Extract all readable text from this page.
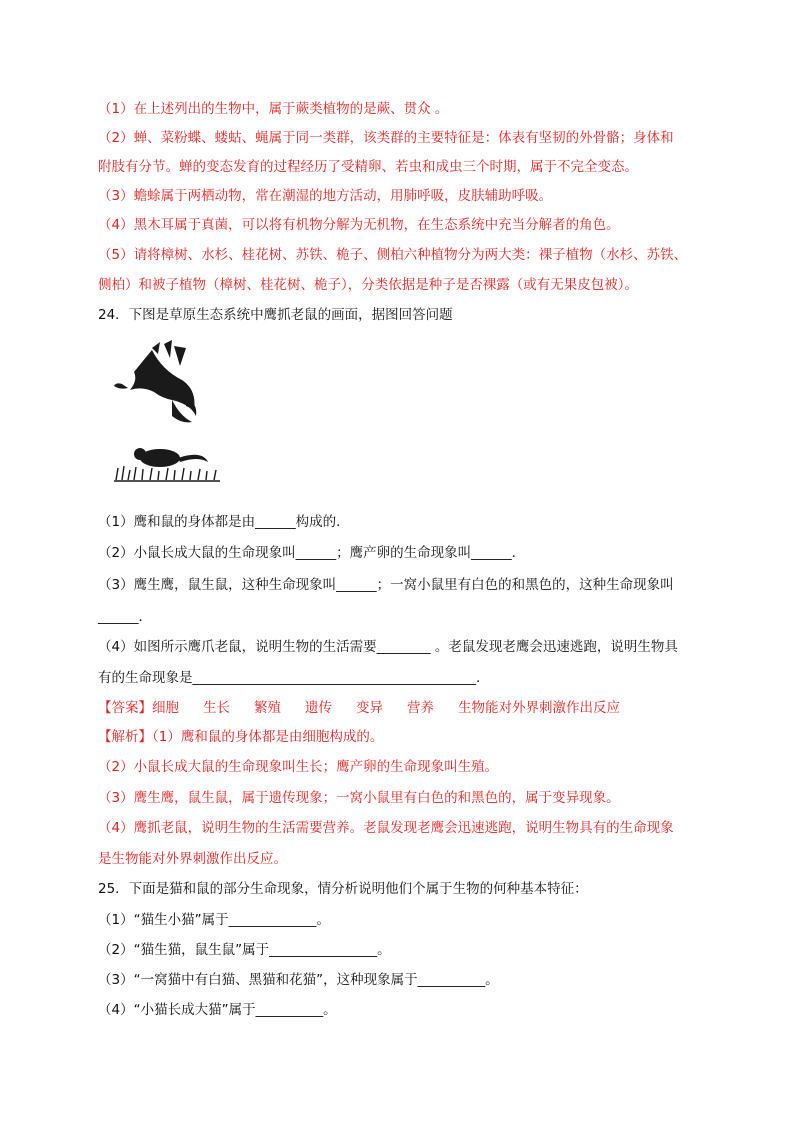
（1）在上述列出的生物中，属于蕨类植物的是蕨、贯众 。
（2）蝉、菜粉蝶、蝼蛄、蝇属于同一类群，该类群的主要特征是：体表有坚韧的外骨骼；身体和
附肢有分节。蝉的变态发育的过程经历了受精卵、若虫和成虫三个时期，属于不完全变态。
（3）蟾蜍属于两栖动物，常在潮湿的地方活动，用肺呼吸，皮肤辅助呼吸。
（4）黑木耳属于真菌，可以将有机物分解为无机物，在生态系统中充当分解者的角色。
（5）请将樟树、水杉、桂花树、苏铁、桅子、侧柏六种植物分为两大类：裸子植物（水杉、苏铁、
侧柏）和被子植物（樟树、桂花树、桅子），分类依据是种子是否裸露（或有无果皮包被）。
24．下图是草原生态系统中鹰抓老鼠的画面，据图回答问题
（1）鹰和鼠的身体都是由______构成的．
（2）小鼠长成大鼠的生命现象叫______；鹰产卵的生命现象叫______．
（3）鹰生鹰，鼠生鼠，这种生命现象叫______；一窝小鼠里有白色的和黑色的，这种生命现象叫
______．
（4）如图所示鹰爪老鼠，说明生物的生活需要________ 。老鼠发现老鹰会迅速逃跑，说明生物具
有的生命现象是__________________________________________.
【答案】细胞 生长 繁殖 遗传 变异 营养 生物能对外界刺激作出反应
【解析】（1）鹰和鼠的身体都是由细胞构成的。
（2）小鼠长成大鼠的生命现象叫生长；鹰产卵的生命现象叫生殖。
（3）鹰生鹰，鼠生鼠，属于遗传现象；一窝小鼠里有白色的和黑色的，属于变异现象。
（4）鹰抓老鼠，说明生物的生活需要营养。老鼠发现老鹰会迅速逃跑，说明生物具有的生命现象
是生物能对外界刺激作出反应。
25．下面是猫和鼠的部分生命现象，情分析说明他们个属于生物的何种基本特征：
（1）“猫生小猫”属于_____________。
（2）“猫生猫，鼠生鼠”属于________________。
（3）“一窝猫中有白猫、黑猫和花猫”，这种现象属于__________。
（4）“小猫长成大猫”属于__________。
